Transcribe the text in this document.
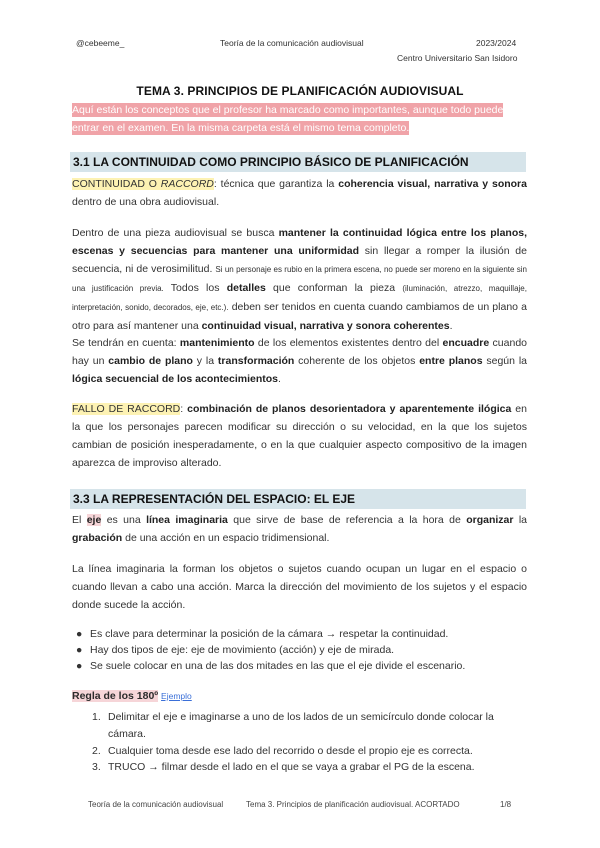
@cebeeme_	Teoría de la comunicación audiovisual	2023/2024
Centro Universitario San Isidoro
TEMA 3. PRINCIPIOS DE PLANIFICACIÓN AUDIOVISUAL
Aquí están los conceptos que el profesor ha marcado como importantes, aunque todo puede entrar en el examen. En la misma carpeta está el mismo tema completo.
3.1 LA CONTINUIDAD COMO PRINCIPIO BÁSICO DE PLANIFICACIÓN
CONTINUIDAD O RACCORD: técnica que garantiza la coherencia visual, narrativa y sonora dentro de una obra audiovisual.
Dentro de una pieza audiovisual se busca mantener la continuidad lógica entre los planos, escenas y secuencias para mantener una uniformidad sin llegar a romper la ilusión de secuencia, ni de verosimilitud. Si un personaje es rubio en la primera escena, no puede ser moreno en la siguiente sin una justificación previa. Todos los detalles que conforman la pieza (iluminación, atrezzo, maquillaje, interpretación, sonido, decorados, eje, etc.). deben ser tenidos en cuenta cuando cambiamos de un plano a otro para así mantener una continuidad visual, narrativa y sonora coherentes.
Se tendrán en cuenta: mantenimiento de los elementos existentes dentro del encuadre cuando hay un cambio de plano y la transformación coherente de los objetos entre planos según la lógica secuencial de los acontecimientos.
FALLO DE RACCORD: combinación de planos desorientadora y aparentemente ilógica en la que los personajes parecen modificar su dirección o su velocidad, en la que los sujetos cambian de posición inesperadamente, o en la que cualquier aspecto compositivo de la imagen aparezca de improviso alterado.
3.3 LA REPRESENTACIÓN DEL ESPACIO: EL EJE
El eje es una línea imaginaria que sirve de base de referencia a la hora de organizar la grabación de una acción en un espacio tridimensional.
La línea imaginaria la forman los objetos o sujetos cuando ocupan un lugar en el espacio o cuando llevan a cabo una acción. Marca la dirección del movimiento de los sujetos y el espacio donde sucede la acción.
● Es clave para determinar la posición de la cámara → respetar la continuidad.
● Hay dos tipos de eje: eje de movimiento (acción) y eje de mirada.
● Se suele colocar en una de las dos mitades en las que el eje divide el escenario.
Regla de los 180º Ejemplo
1. Delimitar el eje e imaginarse a uno de los lados de un semicírculo donde colocar la cámara.
2. Cualquier toma desde ese lado del recorrido o desde el propio eje es correcta.
3. TRUCO → filmar desde el lado en el que se vaya a grabar el PG de la escena.
Teoría de la comunicación audiovisual	Tema 3. Principios de planificación audiovisual. ACORTADO	1/8
